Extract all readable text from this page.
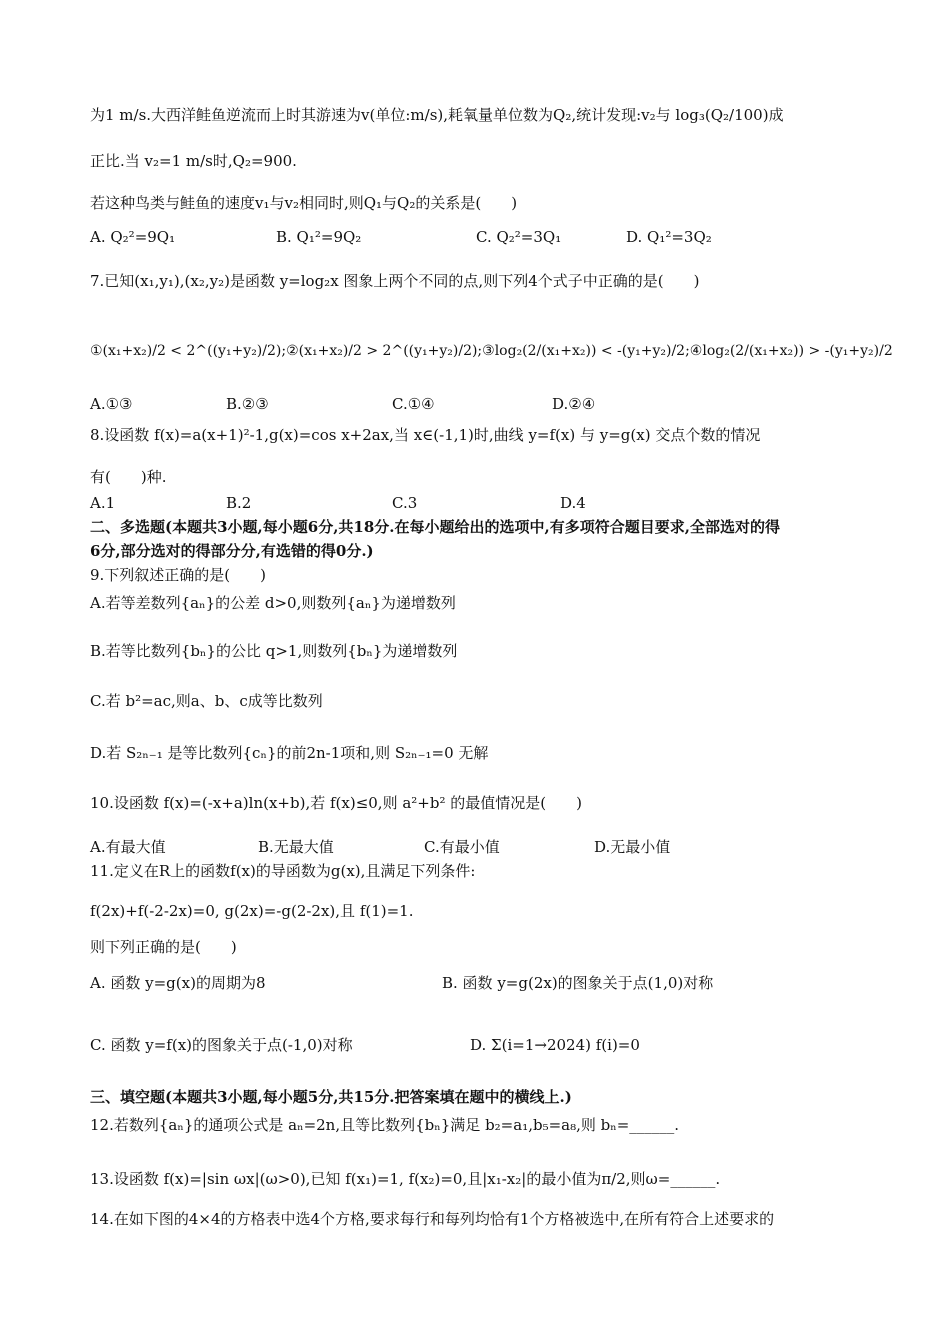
为1 m/s.大西洋鲑鱼逆流而上时其游速为v(单位:m/s),耗氧量单位数为Q₂,统计发现:v₂与 log₃(Q₂/100)成
正比.当 v₂=1 m/s时,Q₂=900.
若这种鸟类与鲑鱼的速度v₁与v₂相同时,则Q₁与Q₂的关系是(　　)
A. Q₂²=9Q₁	B. Q₁²=9Q₂	C. Q₂²=3Q₁	D. Q₁²=3Q₂
7.已知(x₁,y₁),(x₂,y₂)是函数 y=log₂x 图象上两个不同的点,则下列4个式子中正确的是(　　)
①(x₁+x₂)/2 < 2^((y₁+y₂)/2);②(x₁+x₂)/2 > 2^((y₁+y₂)/2);③log₂(2/(x₁+x₂)) < -(y₁+y₂)/2;④log₂(2/(x₁+x₂)) > -(y₁+y₂)/2
A.①③	B.②③	C.①④	D.②④
8.设函数 f(x)=a(x+1)²-1,g(x)=cos x+2ax,当 x∈(-1,1)时,曲线 y=f(x) 与 y=g(x) 交点个数的情况
有(　　)种.
A.1	B.2	C.3	D.4
二、多选题(本题共3小题,每小题6分,共18分.在每小题给出的选项中,有多项符合题目要求,全部选对的得
6分,部分选对的得部分分,有选错的得0分.)
9.下列叙述正确的是(　　)
A.若等差数列{aₙ}的公差 d>0,则数列{aₙ}为递增数列
B.若等比数列{bₙ}的公比 q>1,则数列{bₙ}为递增数列
C.若 b²=ac,则a、b、c成等比数列
D.若 S₂ₙ₋₁ 是等比数列{cₙ}的前2n-1项和,则 S₂ₙ₋₁=0 无解
10.设函数 f(x)=(-x+a)ln(x+b),若 f(x)≤0,则 a²+b² 的最值情况是(　　)
A.有最大值	B.无最大值	C.有最小值	D.无最小值
11.定义在R上的函数f(x)的导函数为g(x),且满足下列条件:
f(2x)+f(-2-2x)=0, g(2x)=-g(2-2x),且 f(1)=1.
则下列正确的是(　　)
A. 函数 y=g(x)的周期为8	B. 函数 y=g(2x)的图象关于点(1,0)对称
C. 函数 y=f(x)的图象关于点(-1,0)对称	D. Σ(i=1→2024) f(i)=0
三、填空题(本题共3小题,每小题5分,共15分.把答案填在题中的横线上.)
12.若数列{aₙ}的通项公式是 aₙ=2n,且等比数列{bₙ}满足 b₂=a₁,b₅=a₈,则 bₙ=______.
13.设函数 f(x)=|sin ωx|(ω>0),已知 f(x₁)=1, f(x₂)=0,且|x₁-x₂|的最小值为π/2,则ω=______.
14.在如下图的4×4的方格表中选4个方格,要求每行和每列均恰有1个方格被选中,在所有符合上述要求的
